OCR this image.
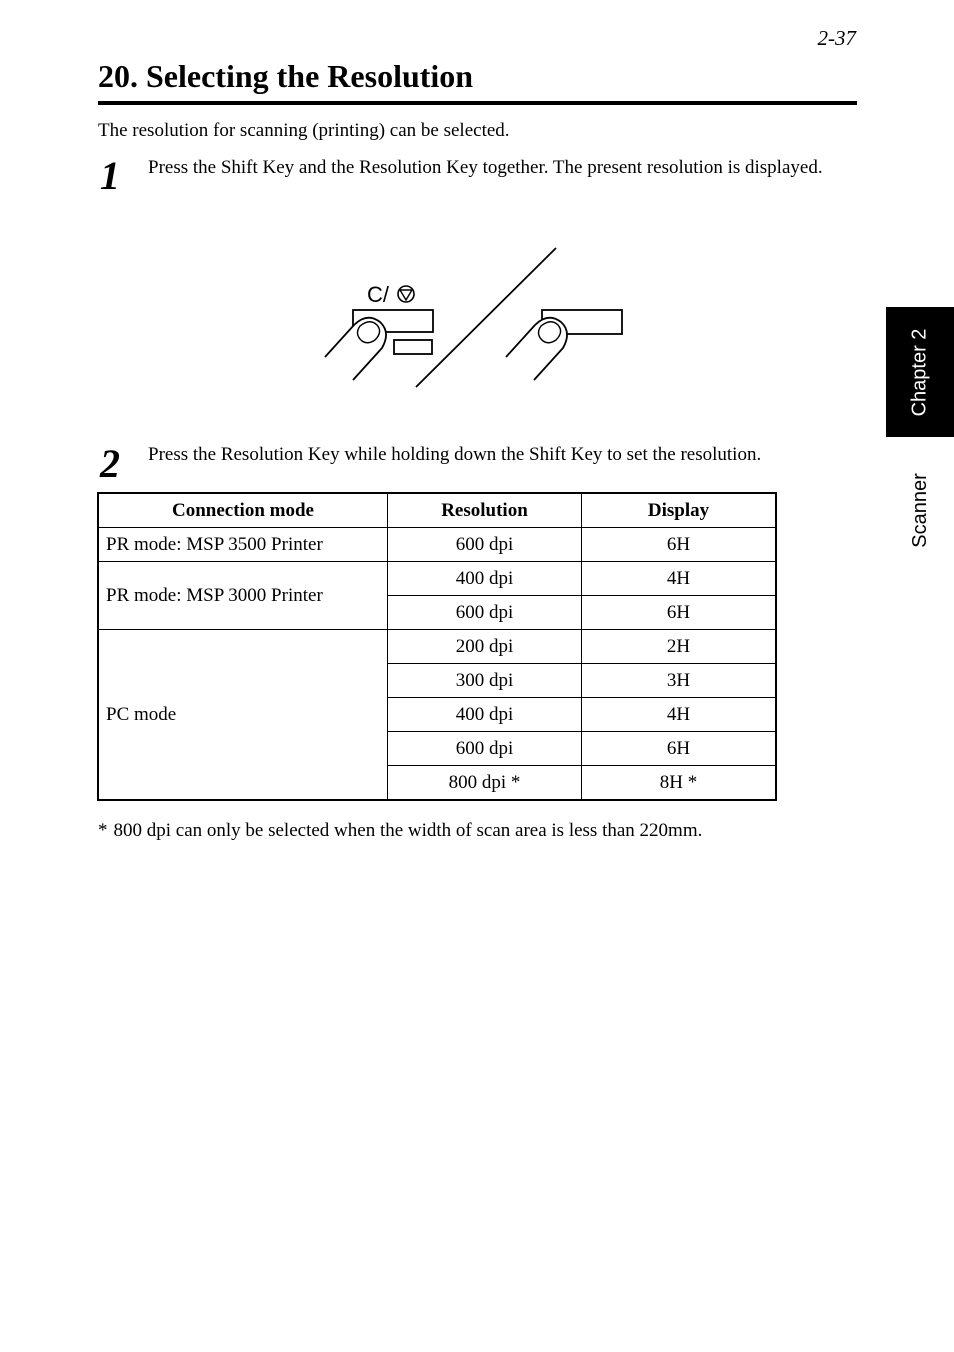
2-37
20. Selecting the Resolution
The resolution for scanning (printing) can be selected.
1 Press the Shift Key and the Resolution Key together. The present resolution is displayed.
C/
2 Press the Resolution Key while holding down the Shift Key to set the resolution.
Connection mode	Resolution	Display
PR mode: MSP 3500 Printer	600 dpi	6H
PR mode: MSP 3000 Printer	400 dpi	4H
	600 dpi	6H
PC mode	200 dpi	2H
	300 dpi	3H
	400 dpi	4H
	600 dpi	6H
	800 dpi *	8H *
* 800 dpi can only be selected when the width of scan area is less than 220mm.
Chapter 2
Scanner
